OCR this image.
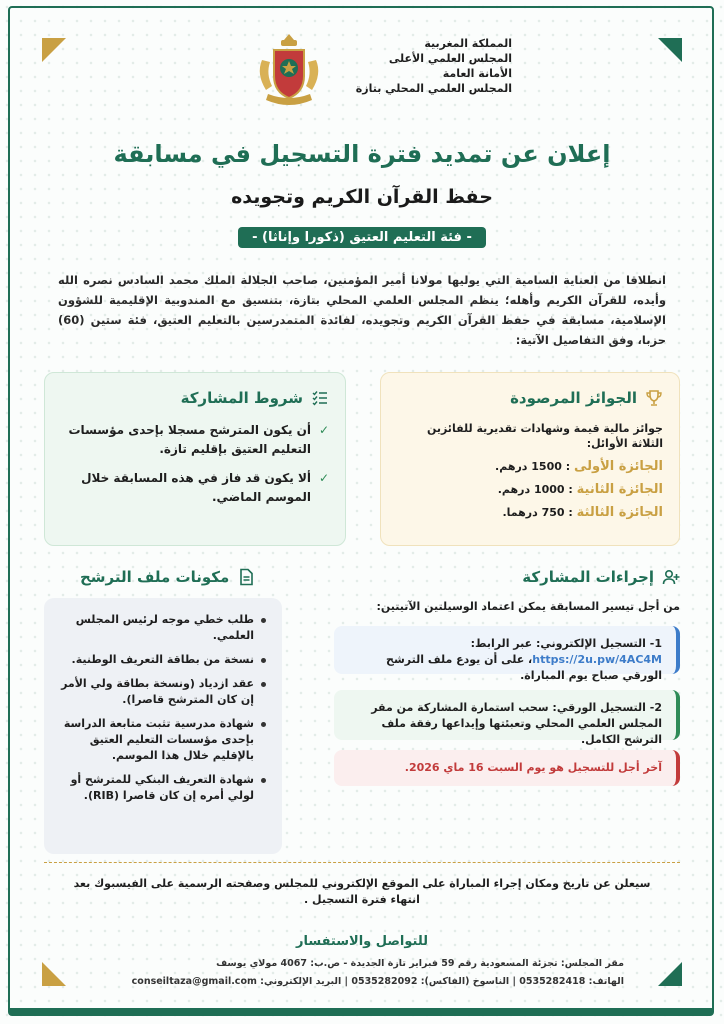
المملكة المغربية
المجلس العلمي الأعلى
الأمانة العامة
المجلس العلمي المحلي بتازة
إعلان عن تمديد فترة التسجيل في مسابقة
حفظ القرآن الكريم وتجويده
- فئة التعليم العتيق (ذكورا وإناثا) -
انطلاقا من العناية السامية التي يوليها مولانا أمير المؤمنين، صاحب الجلالة الملك محمد السادس نصره الله وأيده، للقرآن الكريم وأهله؛ ينظم المجلس العلمي المحلي بتازة، بتنسيق مع المندوبية الإقليمية للشؤون الإسلامية، مسابقة في حفظ القرآن الكريم وتجويده، لفائدة المتمدرسين بالتعليم العتيق، فئة ستين (60) حزبا، وفق التفاصيل الآتية:
الجوائز المرصودة
جوائز مالية قيمة وشهادات تقديرية للفائزين الثلاثة الأوائل:
الجائزة الأولى : 1500 درهم.
الجائزة الثانية : 1000 درهم.
الجائزة الثالثة : 750 درهما.
شروط المشاركة
✓ أن يكون المترشح مسجلا بإحدى مؤسسات التعليم العتيق بإقليم تازة.
✓ ألا يكون قد فاز في هذه المسابقة خلال الموسم الماضي.
إجراءات المشاركة
من أجل تيسير المسابقة يمكن اعتماد الوسيلتين الآتيتين:
1- التسجيل الإلكتروني: عبر الرابط: https://2u.pw/4AC4M، على أن يودع ملف الترشح الورقي صباح يوم المباراة.
2- التسجيل الورقي: سحب استمارة المشاركة من مقر المجلس العلمي المحلي وتعبئتها وإيداعها رفقة ملف الترشح الكامل.
آخر أجل للتسجيل هو يوم السبت 16 ماي 2026.
مكونات ملف الترشح
طلب خطي موجه لرئيس المجلس العلمي.
نسخة من بطاقة التعريف الوطنية.
عقد ازدياد (ونسخة بطاقة ولي الأمر إن كان المترشح قاصرا).
شهادة مدرسية تثبت متابعة الدراسة بإحدى مؤسسات التعليم العتيق بالإقليم خلال هذا الموسم.
شهادة التعريف البنكي للمترشح أو لولي أمره إن كان قاصرا (RIB).
سيعلن عن تاريخ ومكان إجراء المباراة على الموقع الإلكتروني للمجلس وصفحته الرسمية على الفيسبوك بعد انتهاء فترة التسجيل .
للتواصل والاستفسار
مقر المجلس: تجزئة المسعودية رقم 59 فبراير تازة الجديدة - ص.ب: 4067 مولاي يوسف
الهاتف: 0535282418 | الناسوخ (الفاكس): 0535282092 | البريد الإلكتروني: conseiltaza@gmail.com
